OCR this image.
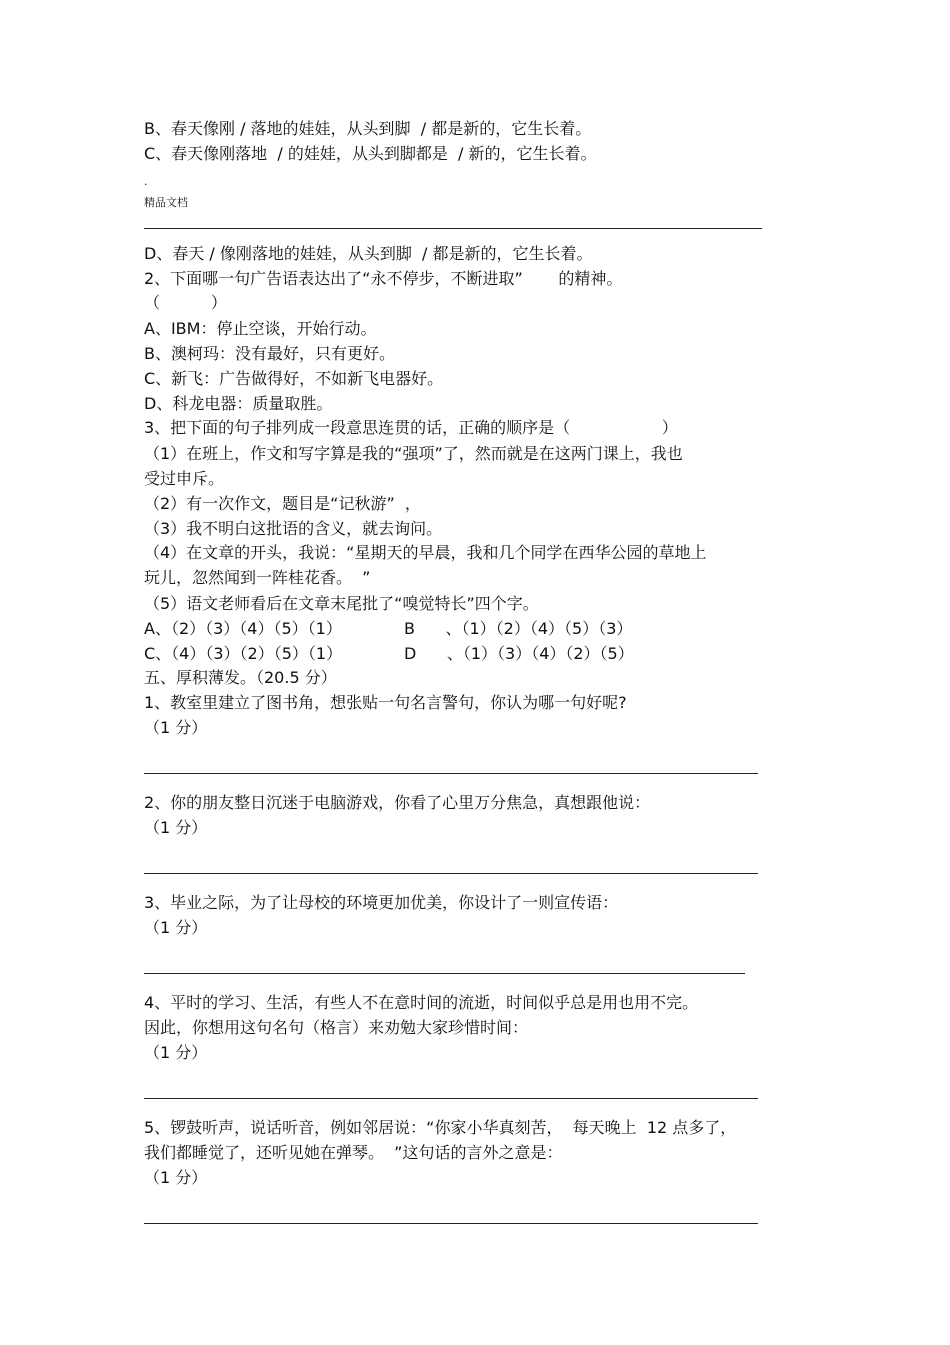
B、春天像刚 / 落地的娃娃，从头到脚  / 都是新的，它生长着。
C、春天像刚落地  / 的娃娃，从头到脚都是  / 新的，它生长着。
.
精品文档
D、春天 / 像刚落地的娃娃，从头到脚  / 都是新的，它生长着。
2、下面哪一句广告语表达出了“永不停步，不断进取”       的精神。
（          ）
A、IBM：停止空谈，开始行动。
B、澳柯玛：没有最好，只有更好。
C、新飞：广告做得好，不如新飞电器好。
D、科龙电器：质量取胜。
3、把下面的句子排列成一段意思连贯的话，正确的顺序是（                  ）
（1）在班上，作文和写字算是我的“强项”了，然而就是在这两门课上，我也
受过申斥。
（2）有一次作文，题目是“记秋游”  ，
（3）我不明白这批语的含义，就去询问。
（4）在文章的开头，我说：“星期天的早晨，我和几个同学在西华公园的草地上
玩儿，忽然闻到一阵桂花香。  ”
（5）语文老师看后在文章末尾批了“嗅觉特长”四个字。
A、（2）（3）（4）（5）（1）	B      、（1）（2）（4）（5）（3）
C、（4）（3）（2）（5）（1）	D      、（1）（3）（4）（2）（5）
五、厚积薄发。（20.5 分）
1、教室里建立了图书角，想张贴一句名言警句，你认为哪一句好呢?
（1 分）
2、你的朋友整日沉迷于电脑游戏，你看了心里万分焦急，真想跟他说：
（1 分）
3、毕业之际，为了让母校的环境更加优美，你设计了一则宣传语：
（1 分）
4、平时的学习、生活，有些人不在意时间的流逝，时间似乎总是用也用不完。
因此，你想用这句名句（格言）来劝勉大家珍惜时间：
（1 分）
5、锣鼓听声，说话听音，例如邻居说：“你家小华真刻苦，  每天晚上  12 点多了，
我们都睡觉了，还听见她在弹琴。  ”这句话的言外之意是：
（1 分）
